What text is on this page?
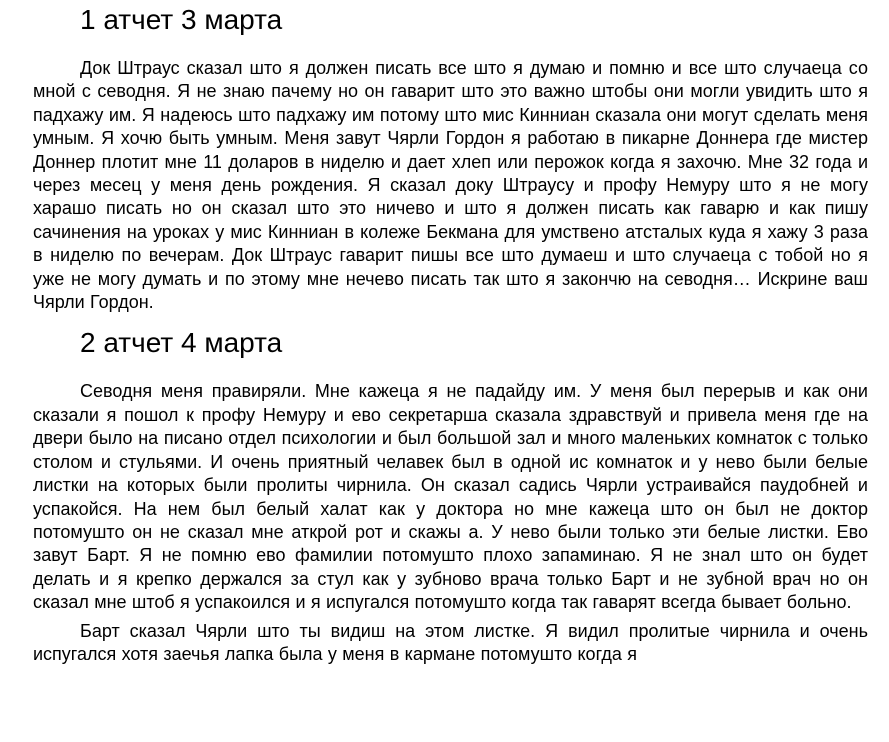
1 атчет 3 марта

Док Штраус сказал што я должен писать все што я думаю и помню и все што случаеца со мной с севодня. Я не знаю пачему но он гаварит што это важно штобы они могли увидить што я падхажу им. Я надеюсь што падхажу им потому што мис Кинниан сказала они могут сделать меня умным. Я хочю быть умным. Меня завут Чярли Гордон я работаю в пикарне Доннера где мистер Доннер плотит мне 11 доларов в ниделю и дает хлеп или перожок когда я захочю. Мне 32 года и через месец у меня день рождения. Я сказал доку Штраусу и профу Немуру што я не могу харашо писать но он сказал што это ничево и што я должен писать как гаварю и как пишу сачинения на уроках у мис Кинниан в колеже Бекмана для умствено атсталых куда я хажу 3 раза в ниделю по вечерам. Док Штраус гаварит пишы все што думаеш и што случаеца с тобой но я уже не могу думать и по этому мне нечево писать так што я закончю на севодня… Искрине ваш Чярли Гордон.

2 атчет 4 марта

Севодня меня правиряли. Мне кажеца я не падайду им. У меня был перерыв и как они сказали я пошол к профу Немуру и ево секретарша сказала здравствуй и привела меня где на двери было на писано отдел психологии и был большой зал и много маленьких комнаток с только столом и стульями. И очень приятный челавек был в одной ис комнаток и у нево были белые листки на которых были пролиты чирнила. Он сказал садись Чярли устраивайся паудобней и успакойся. На нем был белый халат как у доктора но мне кажеца што он был не доктор потомушто он не сказал мне аткрой рот и скажы а. У нево были только эти белые листки. Ево завут Барт. Я не помню ево фамилии потомушто плохо запаминаю. Я не знал што он будет делать и я крепко держался за стул как у зубново врача только Барт и не зубной врач но он сказал мне штоб я успакоился и я испугался потомушто когда так гаварят всегда бывает больно.

Барт сказал Чярли што ты видиш на этом листке. Я видил пролитые чирнила и очень испугался хотя заечья лапка была у меня в кармане потомушто когда я
